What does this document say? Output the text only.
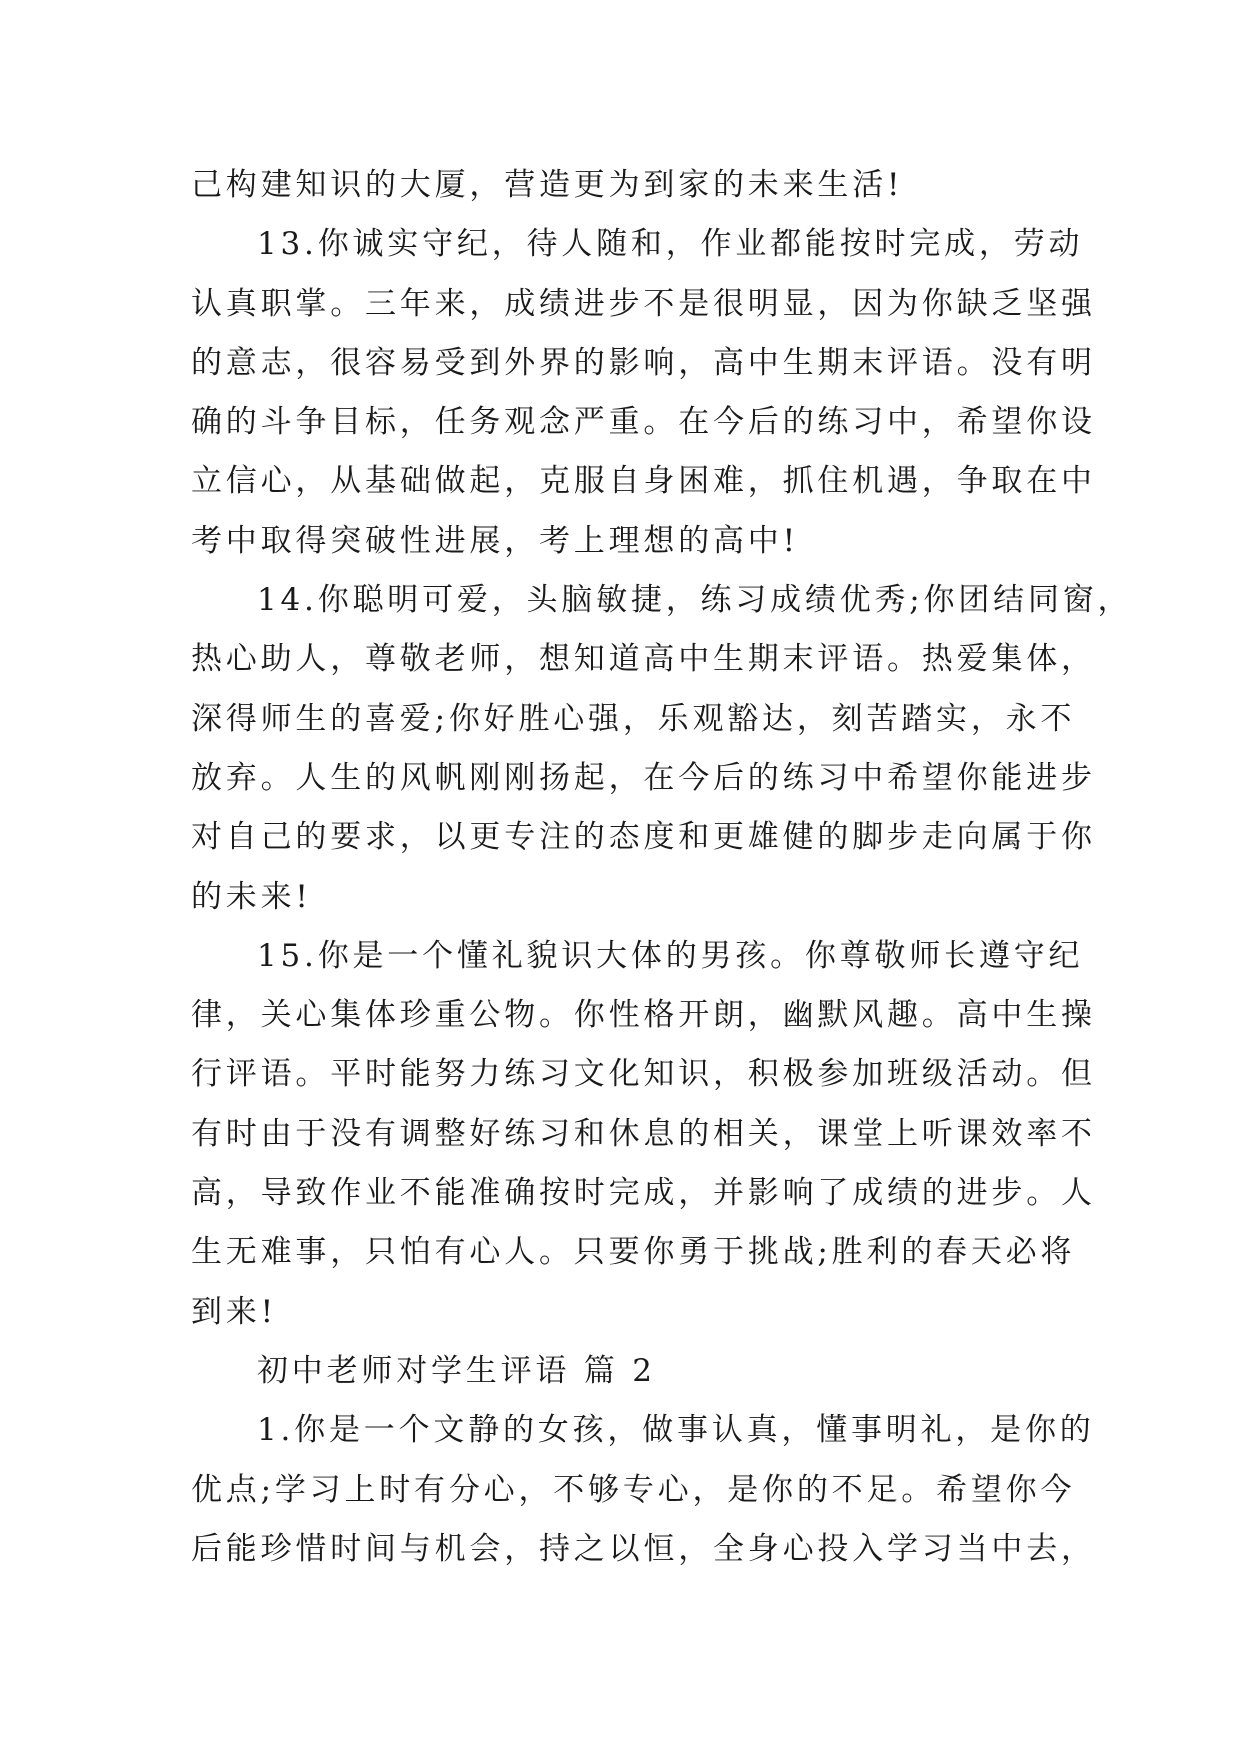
己构建知识的大厦，营造更为到家的未来生活!
13.你诚实守纪，待人随和，作业都能按时完成，劳动
认真职掌。三年来，成绩进步不是很明显，因为你缺乏坚强
的意志，很容易受到外界的影响，高中生期末评语。没有明
确的斗争目标，任务观念严重。在今后的练习中，希望你设
立信心，从基础做起，克服自身困难，抓住机遇，争取在中
考中取得突破性进展，考上理想的高中!
14.你聪明可爱，头脑敏捷，练习成绩优秀;你团结同窗，
热心助人，尊敬老师，想知道高中生期末评语。热爱集体，
深得师生的喜爱;你好胜心强，乐观豁达，刻苦踏实，永不
放弃。人生的风帆刚刚扬起，在今后的练习中希望你能进步
对自己的要求，以更专注的态度和更雄健的脚步走向属于你
的未来!
15.你是一个懂礼貌识大体的男孩。你尊敬师长遵守纪
律，关心集体珍重公物。你性格开朗，幽默风趣。高中生操
行评语。平时能努力练习文化知识，积极参加班级活动。但
有时由于没有调整好练习和休息的相关，课堂上听课效率不
高，导致作业不能准确按时完成，并影响了成绩的进步。人
生无难事，只怕有心人。只要你勇于挑战;胜利的春天必将
到来!
初中老师对学生评语 篇 2
1.你是一个文静的女孩，做事认真，懂事明礼，是你的
优点;学习上时有分心，不够专心，是你的不足。希望你今
后能珍惜时间与机会，持之以恒，全身心投入学习当中去，
